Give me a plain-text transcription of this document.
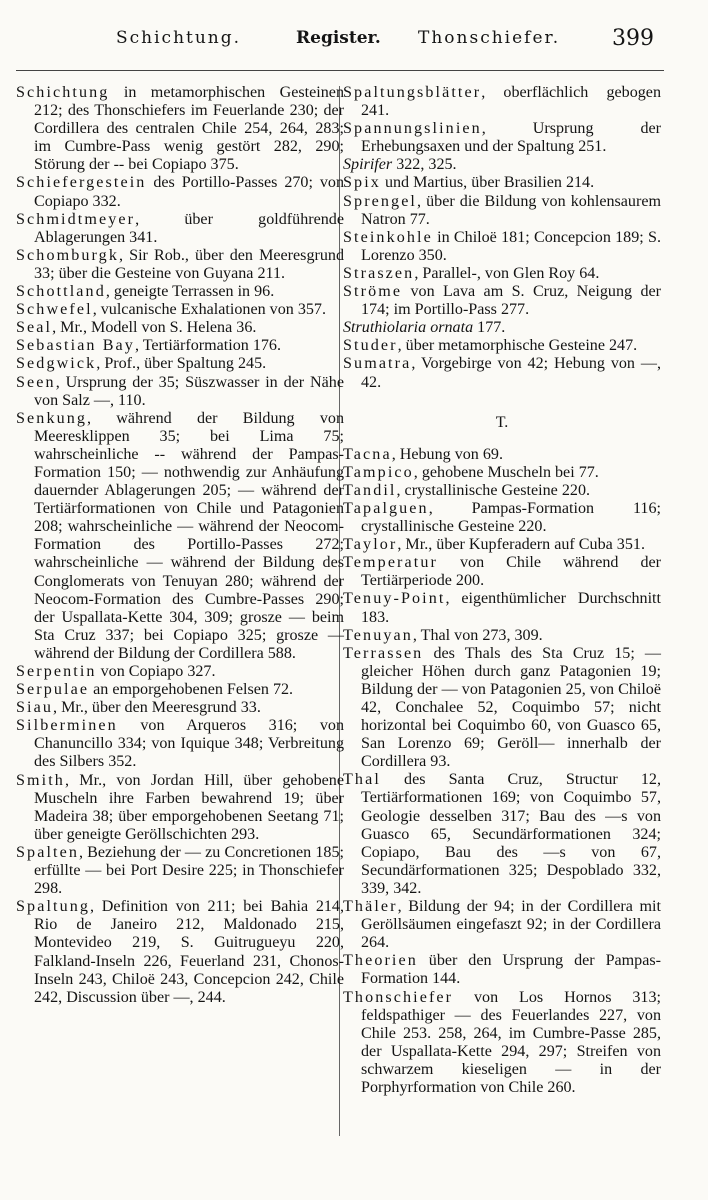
Schichtung.	Register. Thonschiefer. 399

Schichtung in metamorphischen Gesteinen 212; des Thonschiefers im Feuerlande 230; der Cordillera des centralen Chile 254, 264, 283; im Cumbre-Pass wenig gestört 282, 290; Störung der -- bei Copiapo 375.

Schiefergestein des Portillo-Passes 270; von Copiapo 332.

Schmidtmeyer, über goldführende Ablagerungen 341.

Schomburgk, Sir Rob., über den Meeresgrund 33; über die Gesteine von Guyana 211.

Schottland, geneigte Terrassen in 96.

Schwefel, vulcanische Exhalationen von 357.

Seal, Mr., Modell von S. Helena 36.

Sebastian Bay, Tertiärformation 176.

Sedgwick, Prof., über Spaltung 245.

Seen, Ursprung der 35; Süszwasser in der Nähe von Salz —, 110.

Senkung, während der Bildung von Meeresklippen 35; bei Lima 75; wahrscheinliche -- während der Pampas-Formation 150; — nothwendig zur Anhäufung dauernder Ablagerungen 205; — während der Tertiärformationen von Chile und Patagonien 208; wahrscheinliche — während der Neocom-Formation des Portillo-Passes 272; wahrscheinliche — während der Bildung des Conglomerats von Tenuyan 280; während der Neocom-Formation des Cumbre-Passes 290; der Uspallata-Kette 304, 309; grosze — beim Sta Cruz 337; bei Copiapo 325; grosze — während der Bildung der Cordillera 588.

Serpentin von Copiapo 327.

Serpulae an emporgehobenen Felsen 72.

Siau, Mr., über den Meeresgrund 33.

Silberminen von Arqueros 316; von Chanuncillo 334; von Iquique 348; Verbreitung des Silbers 352.

Smith, Mr., von Jordan Hill, über gehobene Muscheln ihre Farben bewahrend 19; über Madeira 38; über emporgehobenen Seetang 71; über geneigte Geröllschichten 293.

Spalten, Beziehung der — zu Concretionen 185; erfüllte — bei Port Desire 225; in Thonschiefer 298.

Spaltung, Definition von 211; bei Bahia 214, Rio de Janeiro 212, Maldonado 215, Montevideo 219, S. Guitrugueyu 220, Falkland-Inseln 226, Feuerland 231, Chonos-Inseln 243, Chiloë 243, Concepcion 242, Chile 242, Discussion über —, 244.

Spaltungsblätter, oberflächlich gebogen 241.

Spannungslinien, Ursprung der Erhebungsaxen und der Spaltung 251.

Spirifer 322, 325.

Spix und Martius, über Brasilien 214.

Sprengel, über die Bildung von kohlensaurem Natron 77.

Steinkohle in Chiloë 181; Concepcion 189; S. Lorenzo 350.

Straszen, Parallel-, von Glen Roy 64.

Ströme von Lava am S. Cruz, Neigung der 174; im Portillo-Pass 277.

Struthiolaria ornata 177.

Studer, über metamorphische Gesteine 247.

Sumatra, Vorgebirge von 42; Hebung von —, 42.

T.

Tacna, Hebung von 69.

Tampico, gehobene Muscheln bei 77.

Tandil, crystallinische Gesteine 220.

Tapalguen, Pampas-Formation 116; crystallinische Gesteine 220.

Taylor, Mr., über Kupferadern auf Cuba 351.

Temperatur von Chile während der Tertiärperiode 200.

Tenuy-Point, eigenthümlicher Durchschnitt 183.

Tenuyan, Thal von 273, 309.

Terrassen des Thals des Sta Cruz 15; — gleicher Höhen durch ganz Patagonien 19; Bildung der — von Patagonien 25, von Chiloë 42, Conchalee 52, Coquimbo 57; nicht horizontal bei Coquimbo 60, von Guasco 65, San Lorenzo 69; Geröll— innerhalb der Cordillera 93.

Thal des Santa Cruz, Structur 12, Tertiärformationen 169; von Coquimbo 57, Geologie desselben 317; Bau des —s von Guasco 65, Secundärformationen 324; Copiapo, Bau des —s von 67, Secundärformationen 325; Despoblado 332, 339, 342.

Thäler, Bildung der 94; in der Cordillera mit Geröllsäumen eingefaszt 92; in der Cordillera 264.

Theorien über den Ursprung der Pampas-Formation 144.

Thonschiefer von Los Hornos 313; feldspathiger — des Feuerlandes 227, von Chile 253. 258, 264, im Cumbre-Passe 285, der Uspallata-Kette 294, 297; Streifen von schwarzem kieseligen — in der Porphyrformation von Chile 260.
